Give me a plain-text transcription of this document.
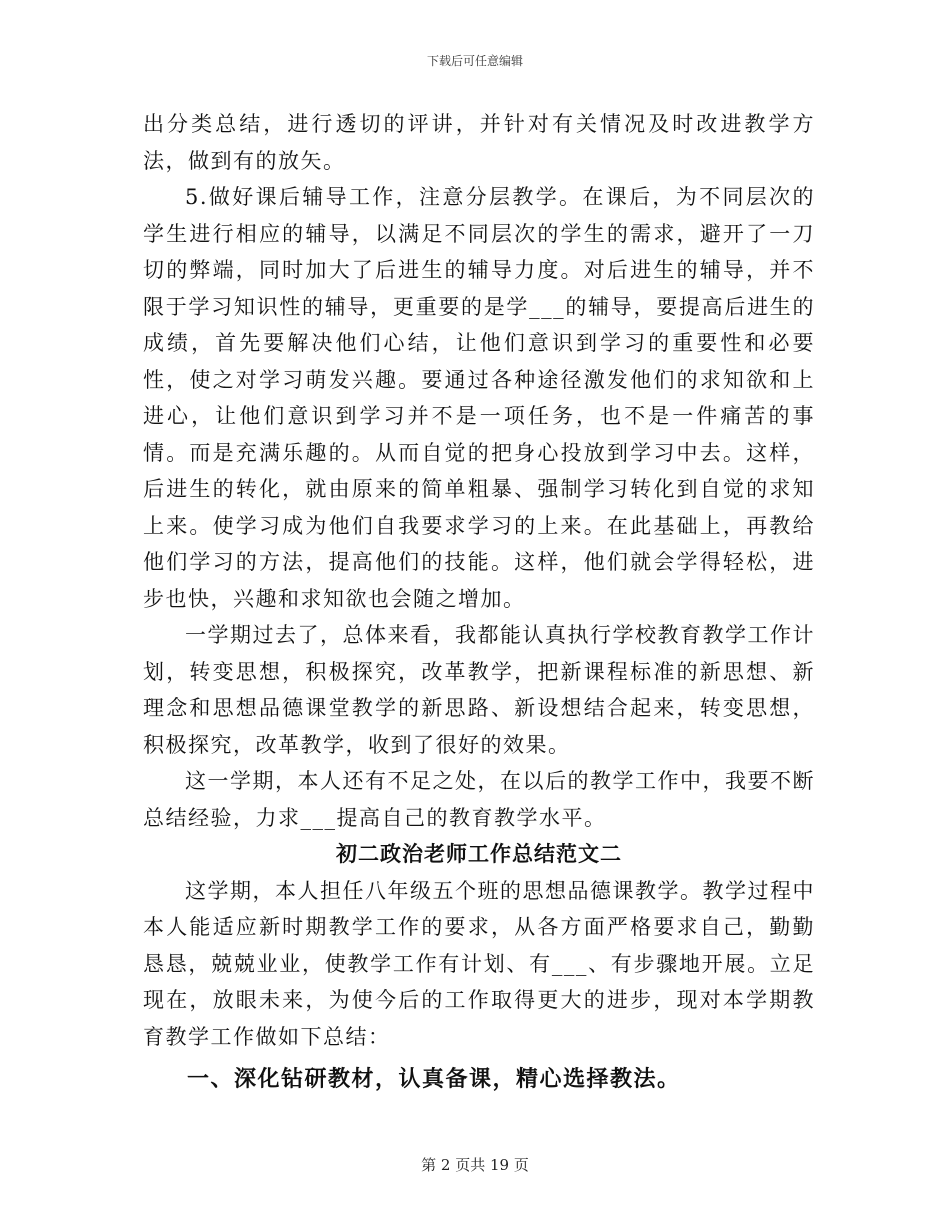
下载后可任意编辑

出分类总结，进行透切的评讲，并针对有关情况及时改进教学方法，做到有的放矢。

5.做好课后辅导工作，注意分层教学。在课后，为不同层次的学生进行相应的辅导，以满足不同层次的学生的需求，避开了一刀切的弊端，同时加大了后进生的辅导力度。对后进生的辅导，并不限于学习知识性的辅导，更重要的是学___的辅导，要提高后进生的成绩，首先要解决他们心结，让他们意识到学习的重要性和必要性，使之对学习萌发兴趣。要通过各种途径激发他们的求知欲和上进心，让他们意识到学习并不是一项任务，也不是一件痛苦的事情。而是充满乐趣的。从而自觉的把身心投放到学习中去。这样，后进生的转化，就由原来的简单粗暴、强制学习转化到自觉的求知上来。使学习成为他们自我要求学习的上来。在此基础上，再教给他们学习的方法，提高他们的技能。这样，他们就会学得轻松，进步也快，兴趣和求知欲也会随之增加。

一学期过去了，总体来看，我都能认真执行学校教育教学工作计划，转变思想，积极探究，改革教学，把新课程标准的新思想、新理念和思想品德课堂教学的新思路、新设想结合起来，转变思想，积极探究，改革教学，收到了很好的效果。

这一学期，本人还有不足之处，在以后的教学工作中，我要不断总结经验，力求___提高自己的教育教学水平。

初二政治老师工作总结范文二

这学期，本人担任八年级五个班的思想品德课教学。教学过程中本人能适应新时期教学工作的要求，从各方面严格要求自己，勤勤恳恳，兢兢业业，使教学工作有计划、有___、有步骤地开展。立足现在，放眼未来，为使今后的工作取得更大的进步，现对本学期教育教学工作做如下总结：

一、深化钻研教材，认真备课，精心选择教法。

第 2 页共 19 页
